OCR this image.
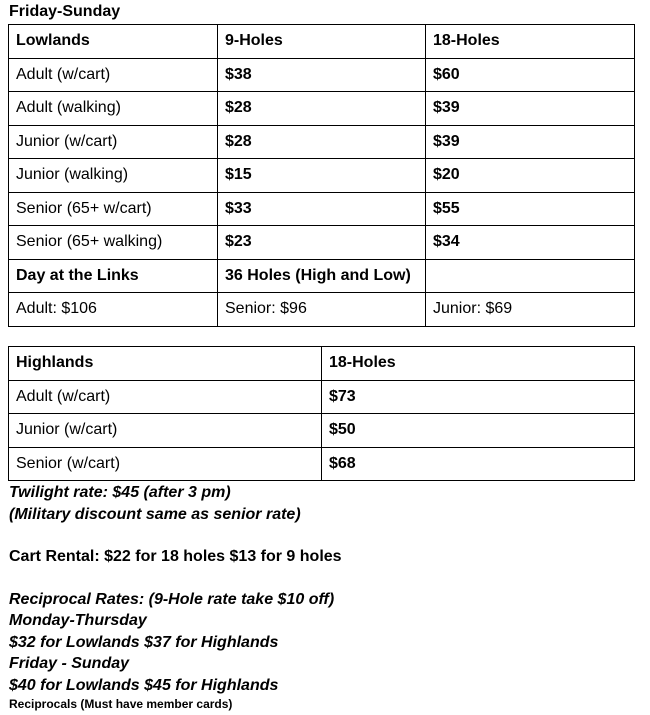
Friday-Sunday
Lowlands	9-Holes	18-Holes
Adult (w/cart)	$38	$60
Adult (walking)	$28	$39
Junior (w/cart)	$28	$39
Junior (walking)	$15	$20
Senior (65+ w/cart)	$33	$55
Senior (65+ walking)	$23	$34
Day at the Links	36 Holes (High and Low)	
Adult: $106	Senior: $96	Junior: $69
Highlands	18-Holes
Adult (w/cart)	$73
Junior (w/cart)	$50
Senior (w/cart)	$68
Twilight rate: $45 (after 3 pm)
(Military discount same as senior rate)
Cart Rental: $22 for 18 holes $13 for 9 holes
Reciprocal Rates: (9-Hole rate take $10 off)
Monday-Thursday
$32 for Lowlands $37 for Highlands
Friday - Sunday
$40 for Lowlands $45 for Highlands
Reciprocals (Must have member cards)
